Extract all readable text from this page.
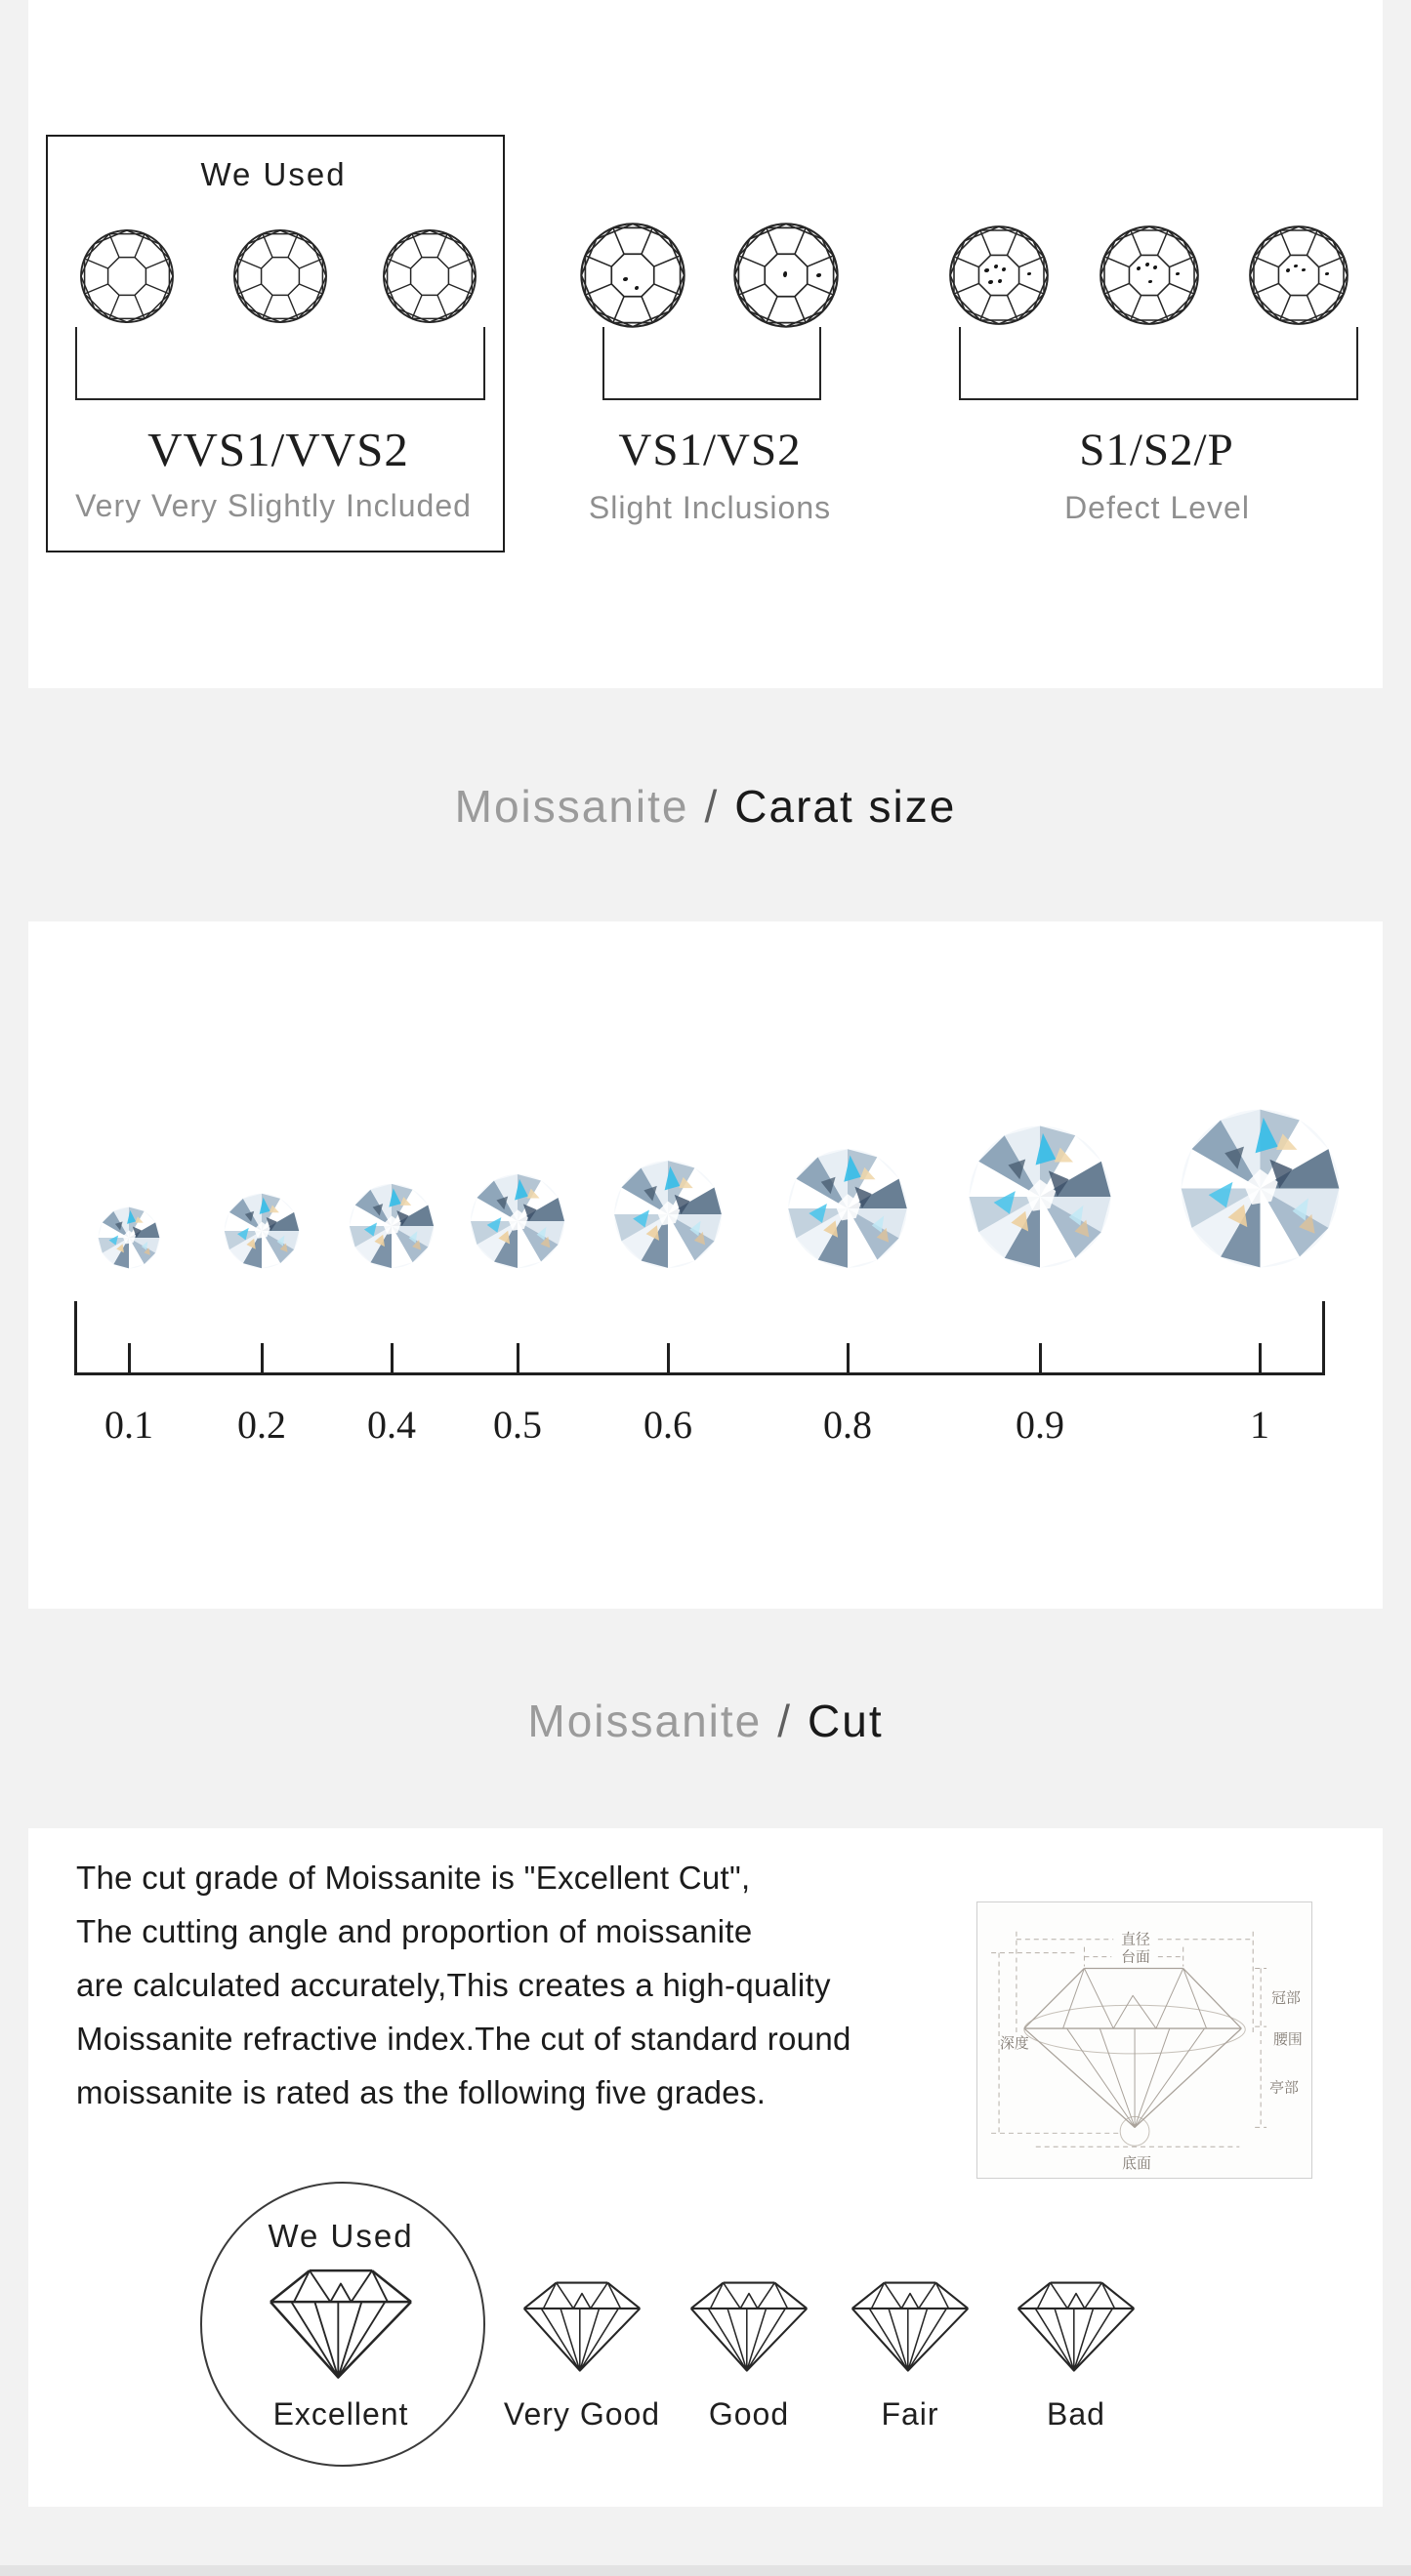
We Used
VVS1/VVS2
Very Very Slightly Included
VS1/VS2
Slight Inclusions
S1/S2/P
Defect Level
Moissanite / Carat size
0.1	0.2	0.4	0.5	0.6	0.8	0.9	1
Moissanite / Cut
The cut grade of Moissanite is "Excellent Cut",
The cutting angle and proportion of moissanite
are calculated accurately,This creates a high-quality
Moissanite refractive index.The cut of standard round
moissanite is rated as the following five grades.
直径
台面
深度
冠部
腰围
亭部
底面
We Used
Excellent	Very Good	Good	Fair	Bad
